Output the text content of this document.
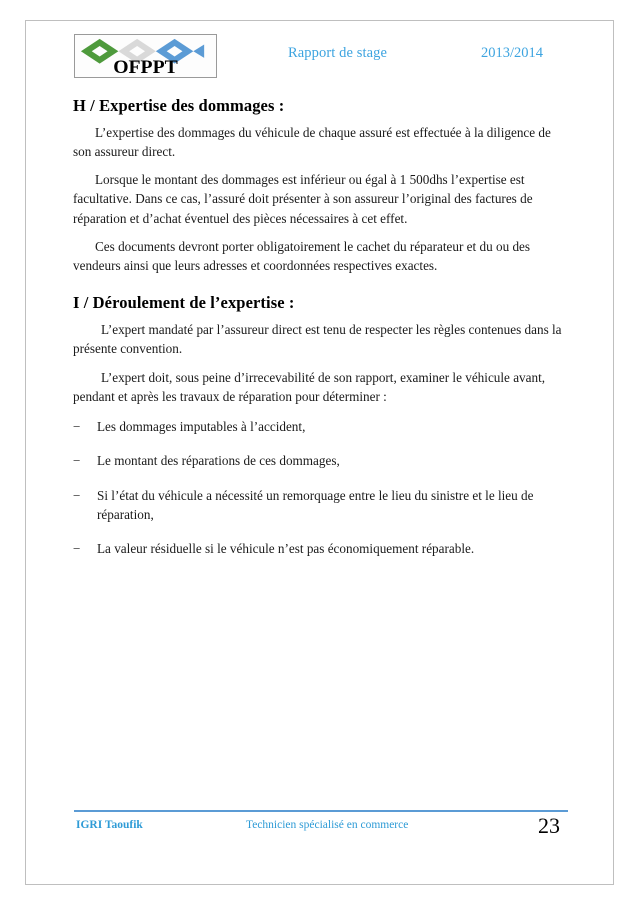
OFPPT
Rapport de stage	2013/2014
H / Expertise des dommages :

L’expertise des dommages du véhicule de chaque assuré est effectuée à la diligence de son assureur direct.

Lorsque le montant des dommages est inférieur ou égal à 1 500dhs l’expertise est facultative. Dans ce cas, l’assuré doit présenter à son assureur l’original des factures de réparation et d’achat éventuel des pièces nécessaires à cet effet.

Ces documents devront porter obligatoirement le cachet du réparateur et du ou des vendeurs ainsi que leurs adresses et coordonnées respectives exactes.

I / Déroulement de l’expertise :

L’expert mandaté par l’assureur direct est tenu de respecter les règles contenues dans la présente convention.

L’expert doit, sous peine d’irrecevabilité de son rapport, examiner le véhicule avant, pendant et après les travaux de réparation pour déterminer :

− Les dommages imputables à l’accident,
− Le montant des réparations de ces dommages,
− Si l’état du véhicule a nécessité un remorquage entre le lieu du sinistre et le lieu de réparation,
− La valeur résiduelle si le véhicule n’est pas économiquement réparable.
IGRI Taoufik	Technicien spécialisé en commerce	23
